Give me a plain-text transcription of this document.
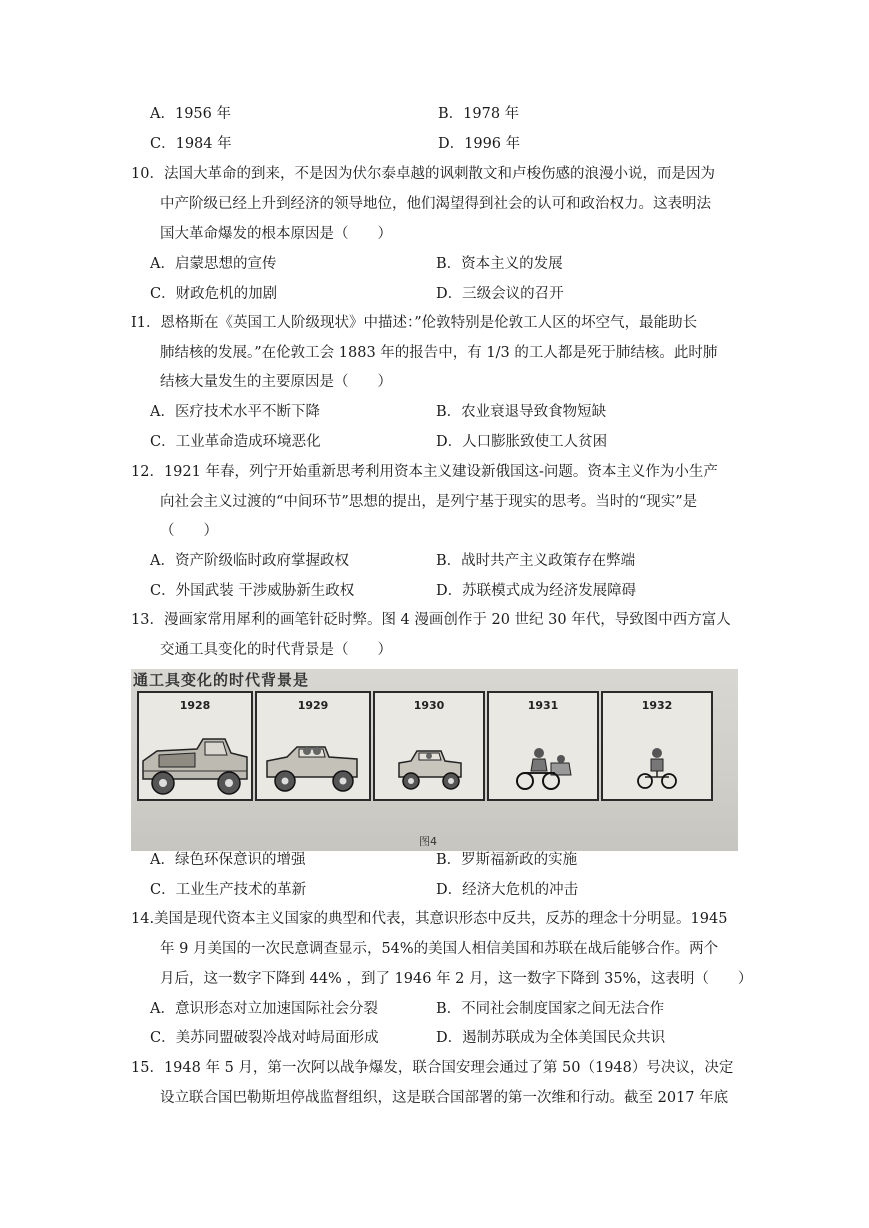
A．1956 年	B．1978 年
C．1984 年	D．1996 年
10．法国大革命的到来，不是因为伏尔泰卓越的讽刺散文和卢梭伤感的浪漫小说，而是因为
中产阶级已经上升到经济的领导地位，他们渴望得到社会的认可和政治权力。这表明法
国大革命爆发的根本原因是（　　）
A．启蒙思想的宣传	B．资本主义的发展
C．财政危机的加剧	D．三级会议的召开
I1．恩格斯在《英国工人阶级现状》中描述：”伦敦特别是伦敦工人区的坏空气，最能助长
肺结核的发展。”在伦敦工会 1883 年的报告中，有 1/3 的工人都是死于肺结核。此时肺
结核大量发生的主要原因是（　　）
A．医疗技术水平不断下降	B．农业衰退导致食物短缺
C．工业革命造成环境恶化	D．人口膨胀致使工人贫困
12．1921 年春，列宁开始重新思考利用资本主义建设新俄国这-问题。资本主义作为小生产
向社会主义过渡的“中间环节”思想的提出，是列宁基于现实的思考。当时的“现实”是
（　　）
A．资产阶级临时政府掌握政权	B．战时共产主义政策存在弊端
C．外国武装 干涉威胁新生政权	D．苏联模式成为经济发展障碍
13．漫画家常用犀利的画笔针砭时弊。图 4 漫画创作于 20 世纪 30 年代，导致图中西方富人
交通工具变化的时代背景是（　　）
通工具变化的时代背景是
1928	1929	1930	1931	1932
图4
A．绿色环保意识的增强	B．罗斯福新政的实施
C．工业生产技术的革新	D．经济大危机的冲击
14.美国是现代资本主义国家的典型和代表，其意识形态中反共，反苏的理念十分明显。1945
年 9 月美国的一次民意调查显示，54%的美国人相信美国和苏联在战后能够合作。两个
月后，这一数字下降到 44% ，到了 1946 年 2 月，这一数字下降到 35%，这表明（　　）
A．意识形态对立加速国际社会分裂	B．不同社会制度国家之间无法合作
C．美苏同盟破裂冷战对峙局面形成	D．遏制苏联成为全体美国民众共识
15．1948 年 5 月，第一次阿以战争爆发，联合国安理会通过了第 50（1948）号决议，决定
设立联合国巴勒斯坦停战监督组织，这是联合国部署的第一次维和行动。截至 2017 年底
